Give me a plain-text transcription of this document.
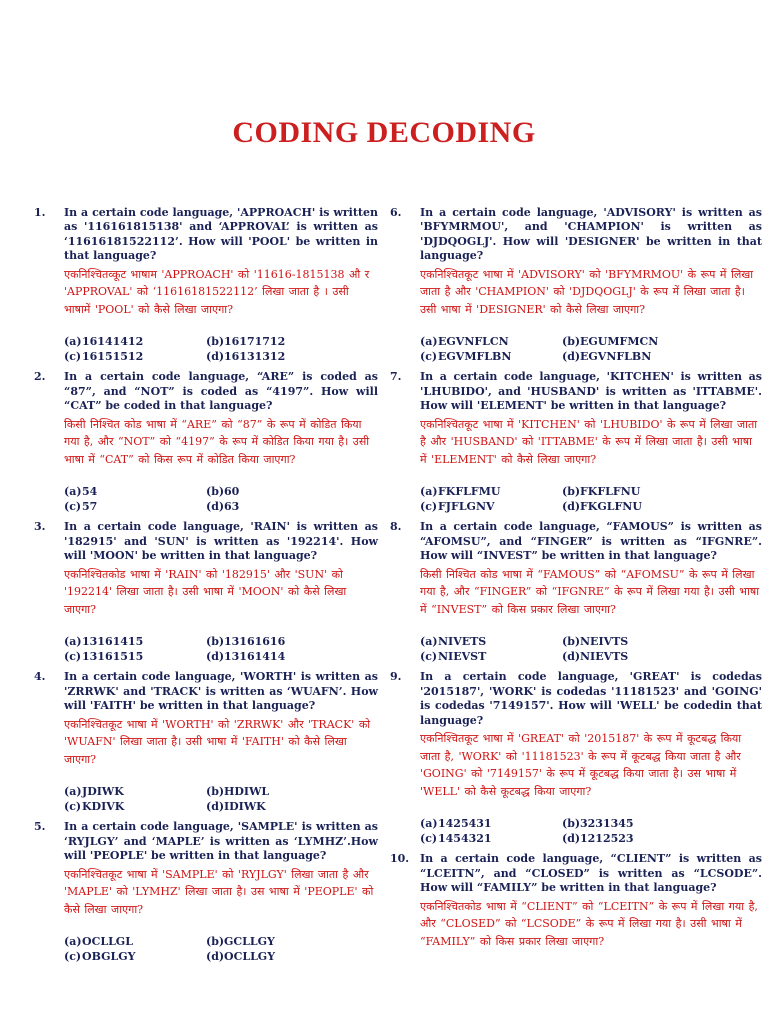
CODING DECODING
1. In a certain code language, 'APPROACH' is written as '116161815138' and ‘APPROVAL’ is written as ‘11616181522112’. How will 'POOL' be written in that language?
एकनिश्चितव्कूट भाषाम 'APPROACH' को '11616-1815138 औ र 'APPROVAL' को ‘11616181522112’ लिखा जाता है । उसी भाषामें 'POOL' को कैसे लिखा जाएगा?
(a) 16141412	(b) 16171712
(c) 16151512	(d) 16131312
2. In a certain code language, “ARE” is coded as “87”, and “NOT” is coded as “4197”. How will “CAT” be coded in that language?
किसी निश्चित कोड भाषा में “ARE” को “87” के रूप में कोडित किया गया है, और “NOT” को “4197” के रूप में कोडित किया गया है। उसी भाषा में “CAT” को किस रूप में कोडित किया जाएगा?
(a) 54	(b) 60
(c) 57	(d) 63
3. In a certain code language, 'RAIN' is written as '182915' and 'SUN' is written as '192214'. How will 'MOON' be written in that language?
एकनिश्चितकोड भाषा में 'RAIN' को '182915' और 'SUN' को '192214' लिखा जाता है। उसी भाषा में 'MOON' को कैसे लिखा जाएगा?
(a) 13161415	(b) 13161616
(c) 13161515	(d) 13161414
4. In a certain code language, 'WORTH' is written as 'ZRRWK' and 'TRACK' is written as ‘WUAFN’. How will 'FAITH' be written in that language?
एकनिश्चितकूट भाषा में 'WORTH' को 'ZRRWK' और 'TRACK' को 'WUAFN' लिखा जाता है। उसी भाषा में 'FAITH' को कैसे लिखा जाएगा?
(a) JDIWK	(b) HDIWL
(c) KDIVK	(d) IDIWK
5. In a certain code language, 'SAMPLE' is written as ‘RYJLGY’ and ‘MAPLE’ is written as ‘LYMHZ’.How will 'PEOPLE' be written in that language?
एकनिश्चितकूट भाषा में 'SAMPLE' को 'RYJLGY' लिखा जाता है और 'MAPLE' को 'LYMHZ' लिखा जाता है। उस भाषा में 'PEOPLE' को कैसे लिखा जाएगा?
(a) OCLLGL	(b) GCLLGY
(c) OBGLGY	(d) OCLLGY
6. In a certain code language, 'ADVISORY' is written as 'BFYMRMOU', and 'CHAMPION' is written as 'DJDQOGLJ'. How will 'DESIGNER' be written in that language?
एकनिश्चितकूट भाषा में 'ADVISORY' को 'BFYMRMOU' के रूप में लिखा जाता है और 'CHAMPION' को 'DJDQOGLJ' के रूप में लिखा जाता है। उसी भाषा में 'DESIGNER' को कैसे लिखा जाएगा?
(a) EGVNFLCN	(b) EGUMFMCN
(c) EGVMFLBN	(d) EGVNFLBN
7. In a certain code language, 'KITCHEN' is written as 'LHUBIDO', and 'HUSBAND' is written as 'ITTABME'. How will 'ELEMENT' be written in that language?
एकनिश्चितकूट भाषा में 'KITCHEN' को 'LHUBIDO' के रूप में लिखा जाता है और 'HUSBAND' को 'ITTABME' के रूप में लिखा जाता है। उसी भाषा में 'ELEMENT' को कैसे लिखा जाएगा?
(a) FKFLFMU	(b) FKFLFNU
(c) FJFLGNV	(d) FKGLFNU
8. In a certain code language, “FAMOUS” is written as “AFOMSU”, and “FINGER” is written as “IFGNRE”. How will “INVEST” be written in that language?
किसी निश्चित कोड भाषा में “FAMOUS” को “AFOMSU” के रूप में लिखा गया है, और “FINGER” को “IFGNRE” के रूप में लिखा गया है। उसी भाषा में “INVEST” को किस प्रकार लिखा जाएगा?
(a) NIVETS	(b) NEIVTS
(c) NIEVST	(d) NIEVTS
9. In a certain code language, 'GREAT' is codedas '2015187', 'WORK' is codedas '11181523' and 'GOING' is codedas '7149157'. How will 'WELL' be codedin that language?
एकनिश्चितकूट भाषा में 'GREAT' को '2015187' के रूप में कूटबद्ध किया जाता है, 'WORK' को '11181523' के रूप में कूटबद्ध किया जाता है और 'GOING' को '7149157' के रूप में कूटबद्ध किया जाता है। उस भाषा में 'WELL' को कैसे कूटबद्ध किया जाएगा?
(a) 1425431	(b) 3231345
(c) 1454321	(d) 1212523
10. In a certain code language, “CLIENT” is written as “LCEITN”, and “CLOSED” is written as “LCSODE”. How will “FAMILY” be written in that language?
एकनिश्चितकोड भाषा में “CLIENT” को “LCEITN” के रूप में लिखा गया है, और “CLOSED” को “LCSODE” के रूप में लिखा गया है। उसी भाषा में “FAMILY” को किस प्रकार लिखा जाएगा?
